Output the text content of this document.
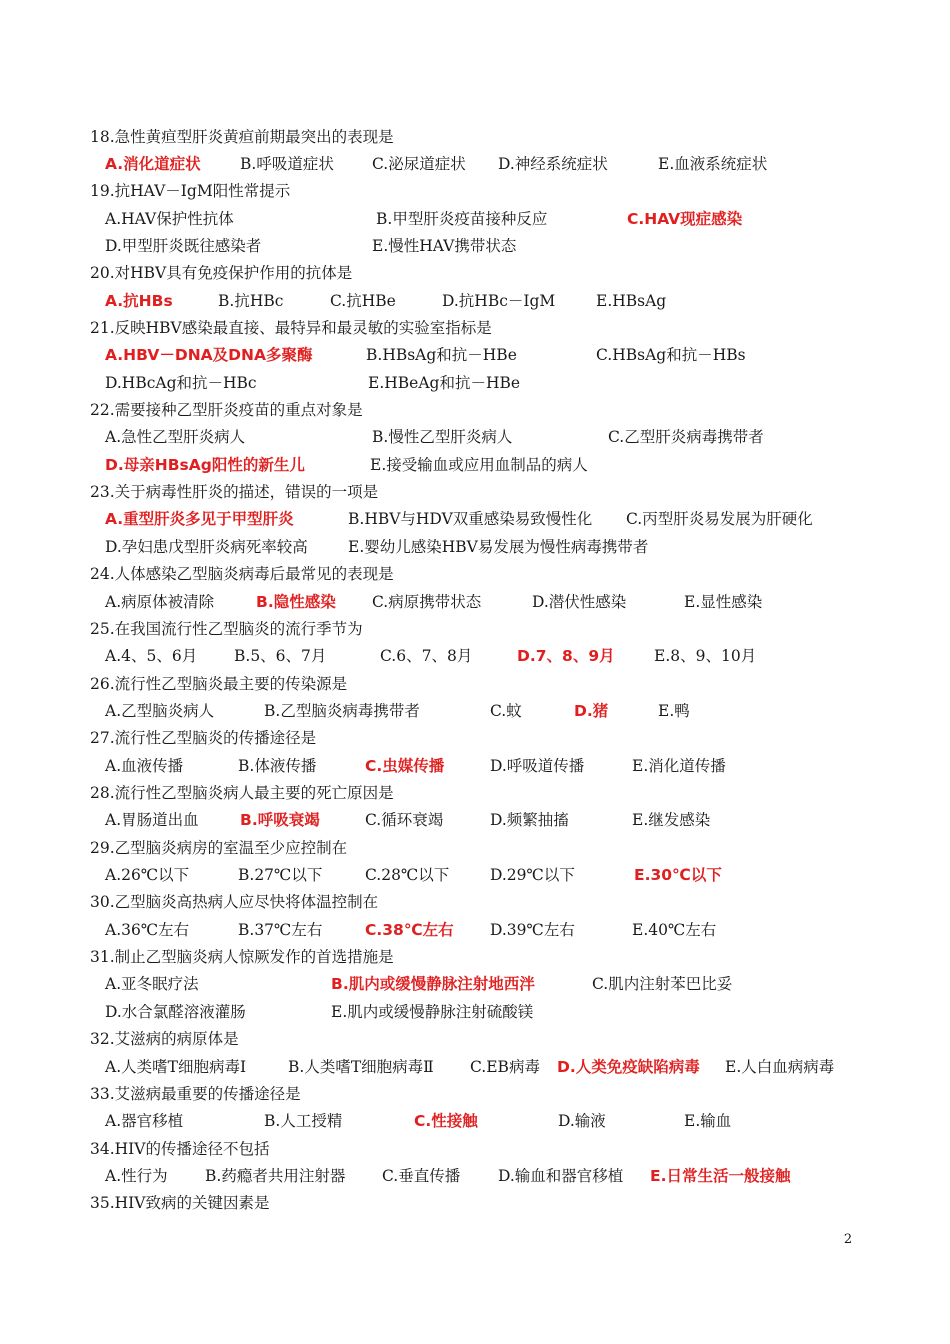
18.急性黄疸型肝炎黄疸前期最突出的表现是
A.消化道症状	B.呼吸道症状 C.泌尿道症状 D.神经系统症状	E.血液系统症状
19.抗HAV－IgM阳性常提示
A.HAV保护性抗体	B.甲型肝炎疫苗接种反应	C.HAV现症感染
D.甲型肝炎既往感染者	E.慢性HAV携带状态
20.对HBV具有免疫保护作用的抗体是
A.抗HBs	B.抗HBc	C.抗HBe	D.抗HBc－IgM	E.HBsAg
21.反映HBV感染最直接、最特异和最灵敏的实验室指标是
A.HBV－DNA及DNA多聚酶	B.HBsAg和抗－HBe	C.HBsAg和抗－HBs
D.HBcAg和抗－HBc	E.HBeAg和抗－HBe
22.需要接种乙型肝炎疫苗的重点对象是
A.急性乙型肝炎病人	B.慢性乙型肝炎病人	C.乙型肝炎病毒携带者
D.母亲HBsAg阳性的新生儿	E.接受输血或应用血制品的病人
23.关于病毒性肝炎的描述，错误的一项是
A.重型肝炎多见于甲型肝炎	B.HBV与HDV双重感染易致慢性化 C.丙型肝炎易发展为肝硬化
D.孕妇患戊型肝炎病死率较高	E.婴幼儿感染HBV易发展为慢性病毒携带者
24.人体感染乙型脑炎病毒后最常见的表现是
A.病原体被清除	B.隐性感染 C.病原携带状态	D.潜伏性感染	E.显性感染
25.在我国流行性乙型脑炎的流行季节为
A.4、5、6月 B.5、6、7月	C.6、7、8月	D.7、8、9月	E.8、9、10月
26.流行性乙型脑炎最主要的传染源是
A.乙型脑炎病人	B.乙型脑炎病毒携带者	C.蚊	D.猪	E.鸭
27.流行性乙型脑炎的传播途径是
A.血液传播	B.体液传播	C.虫媒传播	D.呼吸道传播	E.消化道传播
28.流行性乙型脑炎病人最主要的死亡原因是
A.胃肠道出血	B.呼吸衰竭	C.循环衰竭	D.频繁抽搐	E.继发感染
29.乙型脑炎病房的室温至少应控制在
A.26℃以下	B.27℃以下	C.28℃以下	D.29℃以下	E.30℃以下
30.乙型脑炎高热病人应尽快将体温控制在
A.36℃左右	B.37℃左右	C.38℃左右 D.39℃左右	E.40℃左右
31.制止乙型脑炎病人惊厥发作的首选措施是
A.亚冬眠疗法	B.肌内或缓慢静脉注射地西泮	C.肌内注射苯巴比妥
D.水合氯醛溶液灌肠	E.肌内或缓慢静脉注射硫酸镁
32.艾滋病的病原体是
A.人类嗜T细胞病毒Ⅰ	B.人类嗜T细胞病毒Ⅱ C.EB病毒 D.人类免疫缺陷病毒 E.人白血病病毒
33.艾滋病最重要的传播途径是
A.器官移植	B.人工授精	C.性接触	D.输液	E.输血
34.HIV的传播途径不包括
A.性行为 B.药瘾者共用注射器 C.垂直传播 D.输血和器官移植 E.日常生活一般接触
35.HIV致病的关键因素是
2
